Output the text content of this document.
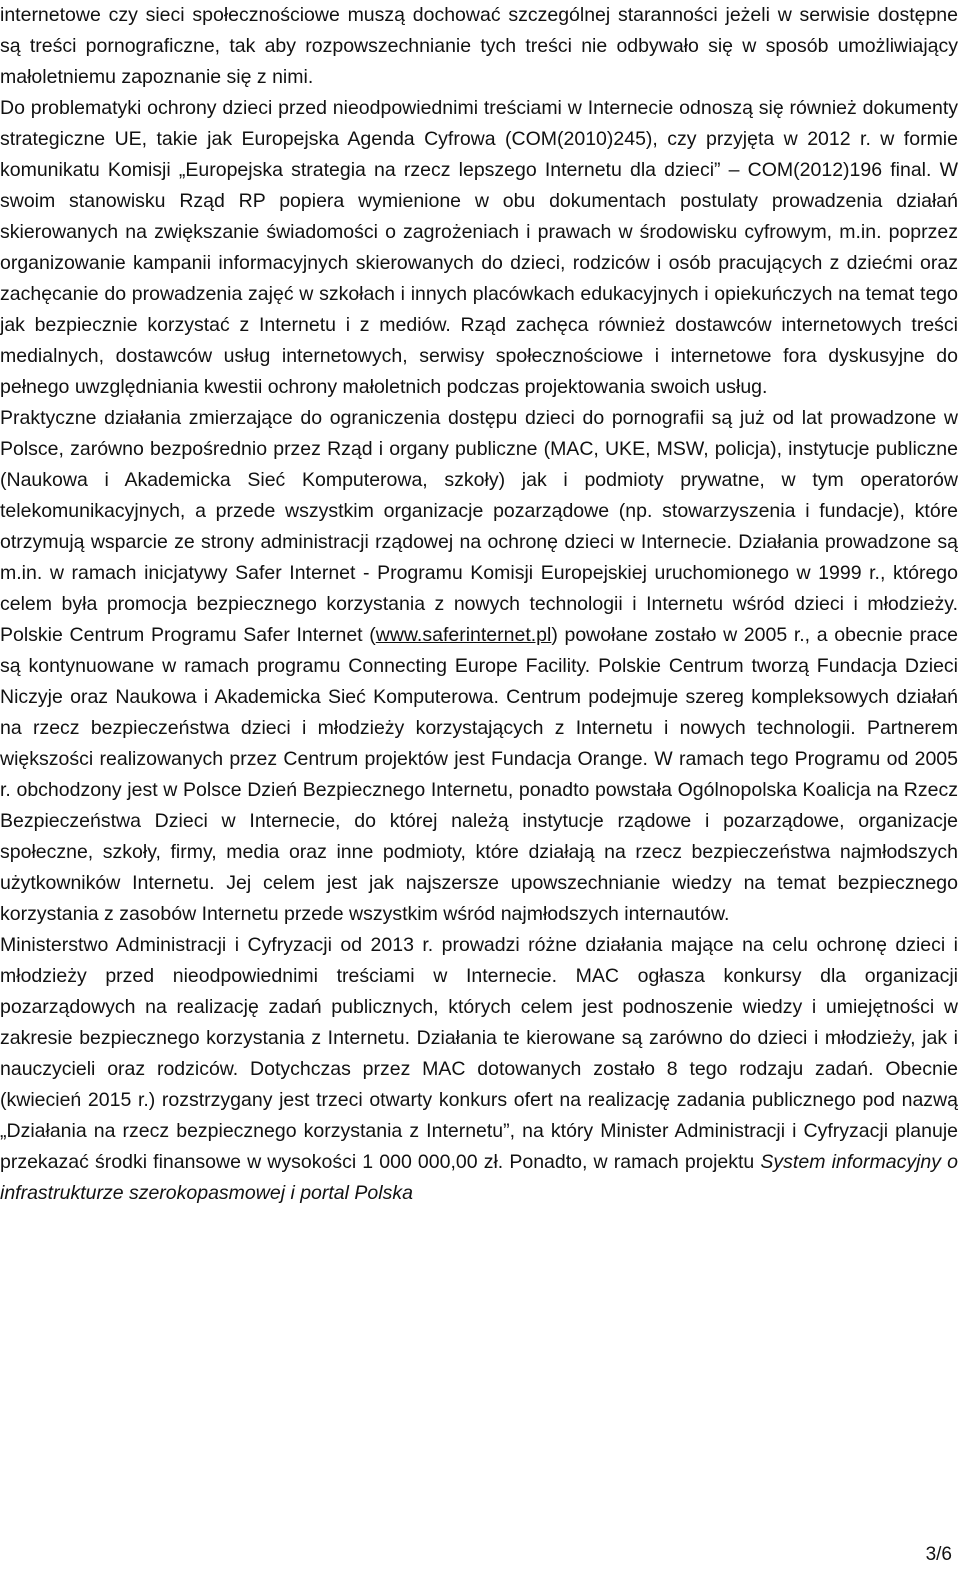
internetowe czy sieci społecznościowe muszą dochować szczególnej staranności jeżeli w serwisie dostępne są treści pornograficzne, tak aby rozpowszechnianie tych treści nie odbywało się w sposób umożliwiający małoletniemu zapoznanie się z nimi.

Do problematyki ochrony dzieci przed nieodpowiednimi treściami w Internecie odnoszą się również dokumenty strategiczne UE, takie jak Europejska Agenda Cyfrowa (COM(2010)245), czy przyjęta w 2012 r. w formie komunikatu Komisji „Europejska strategia na rzecz lepszego Internetu dla dzieci” – COM(2012)196 final. W swoim stanowisku Rząd RP popiera wymienione w obu dokumentach postulaty prowadzenia działań skierowanych na zwiększanie świadomości o zagrożeniach i prawach w środowisku cyfrowym, m.in. poprzez organizowanie kampanii informacyjnych skierowanych do dzieci, rodziców i osób pracujących z dziećmi oraz zachęcanie do prowadzenia zajęć w szkołach i innych placówkach edukacyjnych i opiekuńczych na temat tego jak bezpiecznie korzystać z Internetu i z mediów. Rząd zachęca również dostawców internetowych treści medialnych, dostawców usług internetowych, serwisy społecznościowe i internetowe fora dyskusyjne do pełnego uwzględniania kwestii ochrony małoletnich podczas projektowania swoich usług.

Praktyczne działania zmierzające do ograniczenia dostępu dzieci do pornografii są już od lat prowadzone w Polsce, zarówno bezpośrednio przez Rząd i organy publiczne (MAC, UKE, MSW, policja), instytucje publiczne (Naukowa i Akademicka Sieć Komputerowa, szkoły) jak i podmioty prywatne, w tym operatorów telekomunikacyjnych, a przede wszystkim organizacje pozarządowe (np. stowarzyszenia i fundacje), które otrzymują wsparcie ze strony administracji rządowej na ochronę dzieci w Internecie. Działania prowadzone są m.in. w ramach inicjatywy Safer Internet - Programu Komisji Europejskiej uruchomionego w 1999 r., którego celem była promocja bezpiecznego korzystania z nowych technologii i Internetu wśród dzieci i młodzieży. Polskie Centrum Programu Safer Internet (www.saferinternet.pl) powołane zostało w 2005 r., a obecnie prace są kontynuowane w ramach programu Connecting Europe Facility. Polskie Centrum tworzą Fundacja Dzieci Niczyje oraz Naukowa i Akademicka Sieć Komputerowa. Centrum podejmuje szereg kompleksowych działań na rzecz bezpieczeństwa dzieci i młodzieży korzystających z Internetu i nowych technologii. Partnerem większości realizowanych przez Centrum projektów jest Fundacja Orange. W ramach tego Programu od 2005 r. obchodzony jest w Polsce Dzień Bezpiecznego Internetu, ponadto powstała Ogólnopolska Koalicja na Rzecz Bezpieczeństwa Dzieci w Internecie, do której należą instytucje rządowe i pozarządowe, organizacje społeczne, szkoły, firmy, media oraz inne podmioty, które działają na rzecz bezpieczeństwa najmłodszych użytkowników Internetu. Jej celem jest jak najszersze upowszechnianie wiedzy na temat bezpiecznego korzystania z zasobów Internetu przede wszystkim wśród najmłodszych internautów.

Ministerstwo Administracji i Cyfryzacji od 2013 r. prowadzi różne działania mające na celu ochronę dzieci i młodzieży przed nieodpowiednimi treściami w Internecie. MAC ogłasza konkursy dla organizacji pozarządowych na realizację zadań publicznych, których celem jest podnoszenie wiedzy i umiejętności w zakresie bezpiecznego korzystania z Internetu. Działania te kierowane są zarówno do dzieci i młodzieży, jak i nauczycieli oraz rodziców. Dotychczas przez MAC dotowanych zostało 8 tego rodzaju zadań. Obecnie (kwiecień 2015 r.) rozstrzygany jest trzeci otwarty konkurs ofert na realizację zadania publicznego pod nazwą „Działania na rzecz bezpiecznego korzystania z Internetu”, na który Minister Administracji i Cyfryzacji planuje przekazać środki finansowe w wysokości 1 000 000,00 zł. Ponadto, w ramach projektu System informacyjny o infrastrukturze szerokopasmowej i portal Polska

3/6
